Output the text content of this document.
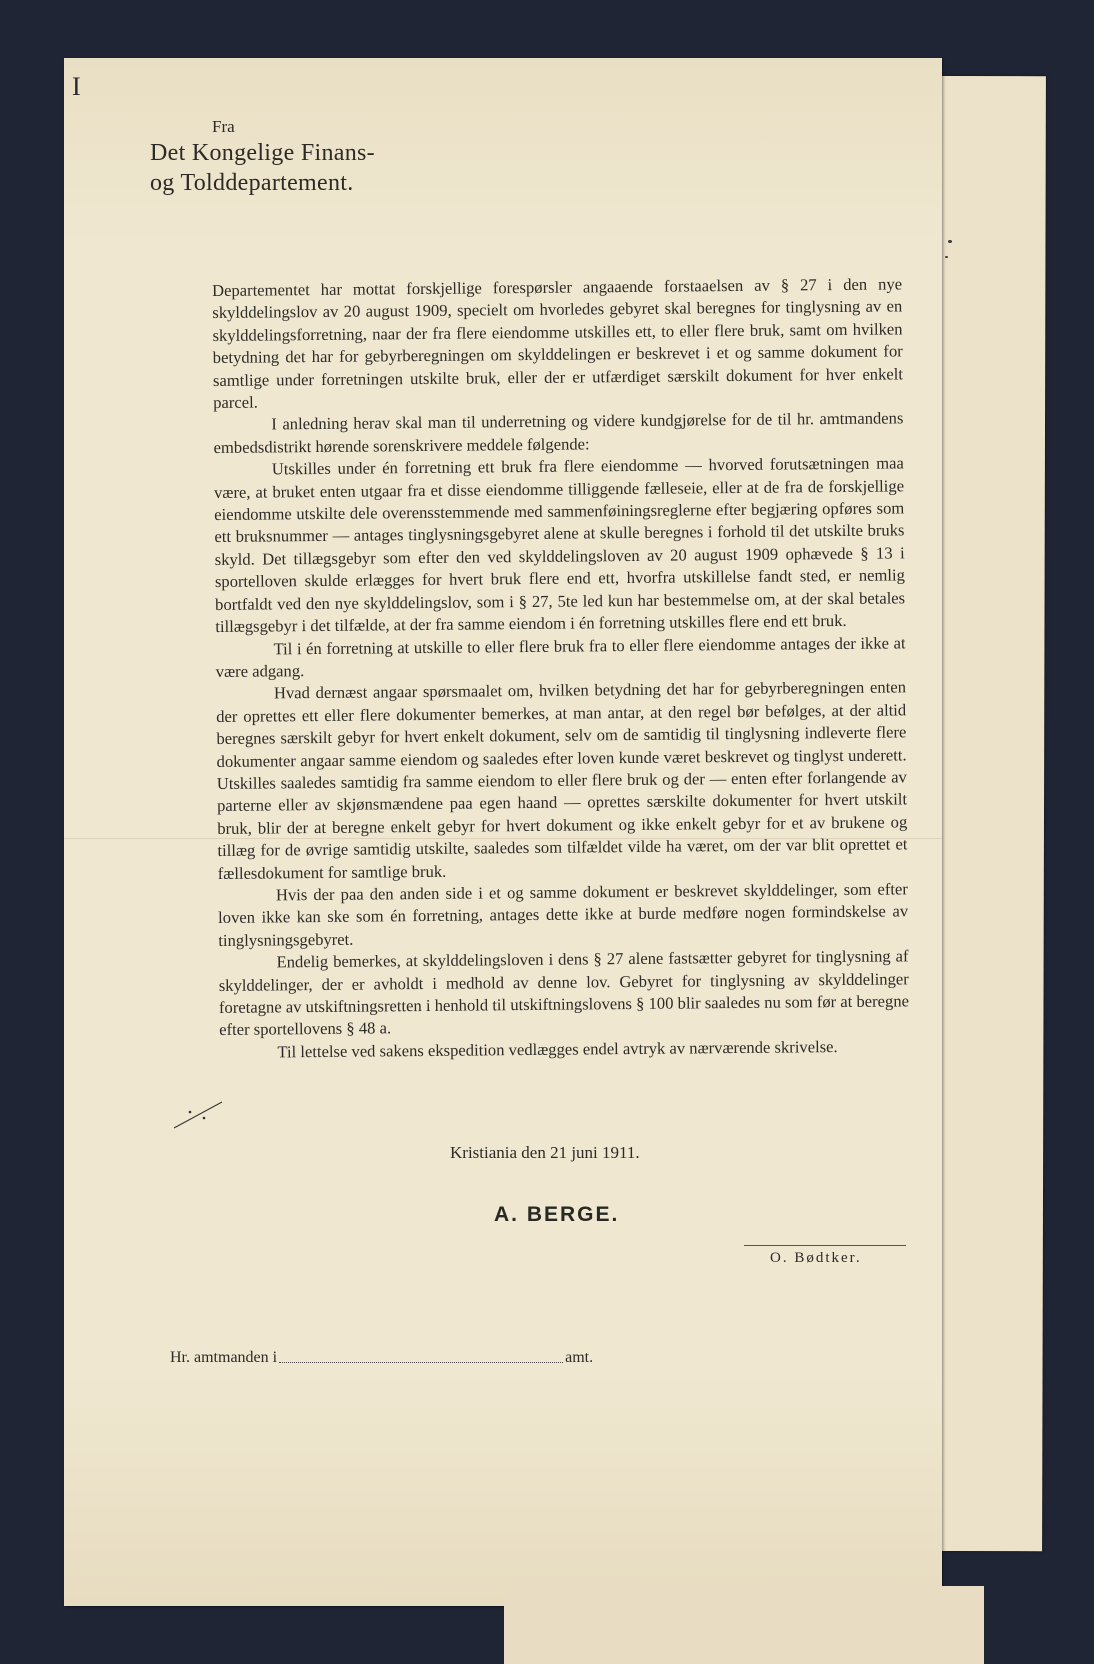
I
Fra
Det Kongelige Finans-
og Tolddepartement.

Departementet har mottat forskjellige forespørsler angaaende forstaaelsen av § 27 i den nye skylddelingslov av 20 august 1909, specielt om hvorledes gebyret skal beregnes for tinglysning av en skylddelingsforretning, naar der fra flere eiendomme utskilles ett, to eller flere bruk, samt om hvilken betydning det har for gebyrberegningen om skylddelingen er beskrevet i et og samme dokument for samtlige under forretningen utskilte bruk, eller der er utfærdiget særskilt dokument for hver enkelt parcel.

I anledning herav skal man til underretning og videre kundgjørelse for de til hr. amtmandens embedsdistrikt hørende sorenskrivere meddele følgende:

Utskilles under én forretning ett bruk fra flere eiendomme — hvorved forutsætningen maa være, at bruket enten utgaar fra et disse eiendomme tilliggende fælleseie, eller at de fra de forskjellige eiendomme utskilte dele overensstemmende med sammenføiningsreglerne efter begjæring opføres som ett bruksnummer — antages tinglysningsgebyret alene at skulle beregnes i forhold til det utskilte bruks skyld. Det tillægsgebyr som efter den ved skylddelingsloven av 20 august 1909 ophævede § 13 i sportelloven skulde erlægges for hvert bruk flere end ett, hvorfra utskillelse fandt sted, er nemlig bortfaldt ved den nye skylddelingslov, som i § 27, 5te led kun har bestemmelse om, at der skal betales tillægsgebyr i det tilfælde, at der fra samme eiendom i én forretning utskilles flere end ett bruk.

Til i én forretning at utskille to eller flere bruk fra to eller flere eiendomme antages der ikke at være adgang.

Hvad dernæst angaar spørsmaalet om, hvilken betydning det har for gebyrberegningen enten der oprettes ett eller flere dokumenter bemerkes, at man antar, at den regel bør befølges, at der altid beregnes særskilt gebyr for hvert enkelt dokument, selv om de samtidig til tinglysning indleverte flere dokumenter angaar samme eiendom og saaledes efter loven kunde været beskrevet og tinglyst underett. Utskilles saaledes samtidig fra samme eiendom to eller flere bruk og der — enten efter forlangende av parterne eller av skjønsmændene paa egen haand — oprettes særskilte dokumenter for hvert utskilt bruk, blir der at beregne enkelt gebyr for hvert dokument og ikke enkelt gebyr for et av brukene og tillæg for de øvrige samtidig utskilte, saaledes som tilfældet vilde ha været, om der var blit oprettet et fællesdokument for samtlige bruk.

Hvis der paa den anden side i et og samme dokument er beskrevet skylddelinger, som efter loven ikke kan ske som én forretning, antages dette ikke at burde medføre nogen formindskelse av tinglysningsgebyret.

Endelig bemerkes, at skylddelingsloven i dens § 27 alene fastsætter gebyret for tinglysning af skylddelinger, der er avholdt i medhold av denne lov. Gebyret for tinglysning av skylddelinger foretagne av utskiftningsretten i henhold til utskiftningslovens § 100 blir saaledes nu som før at beregne efter sportellovens § 48 a.

Til lettelse ved sakens ekspedition vedlægges endel avtryk av nærværende skrivelse.

Kristiania den 21 juni 1911.
A. BERGE.
O. Bødtker.
Hr. amtmanden i	amt.
